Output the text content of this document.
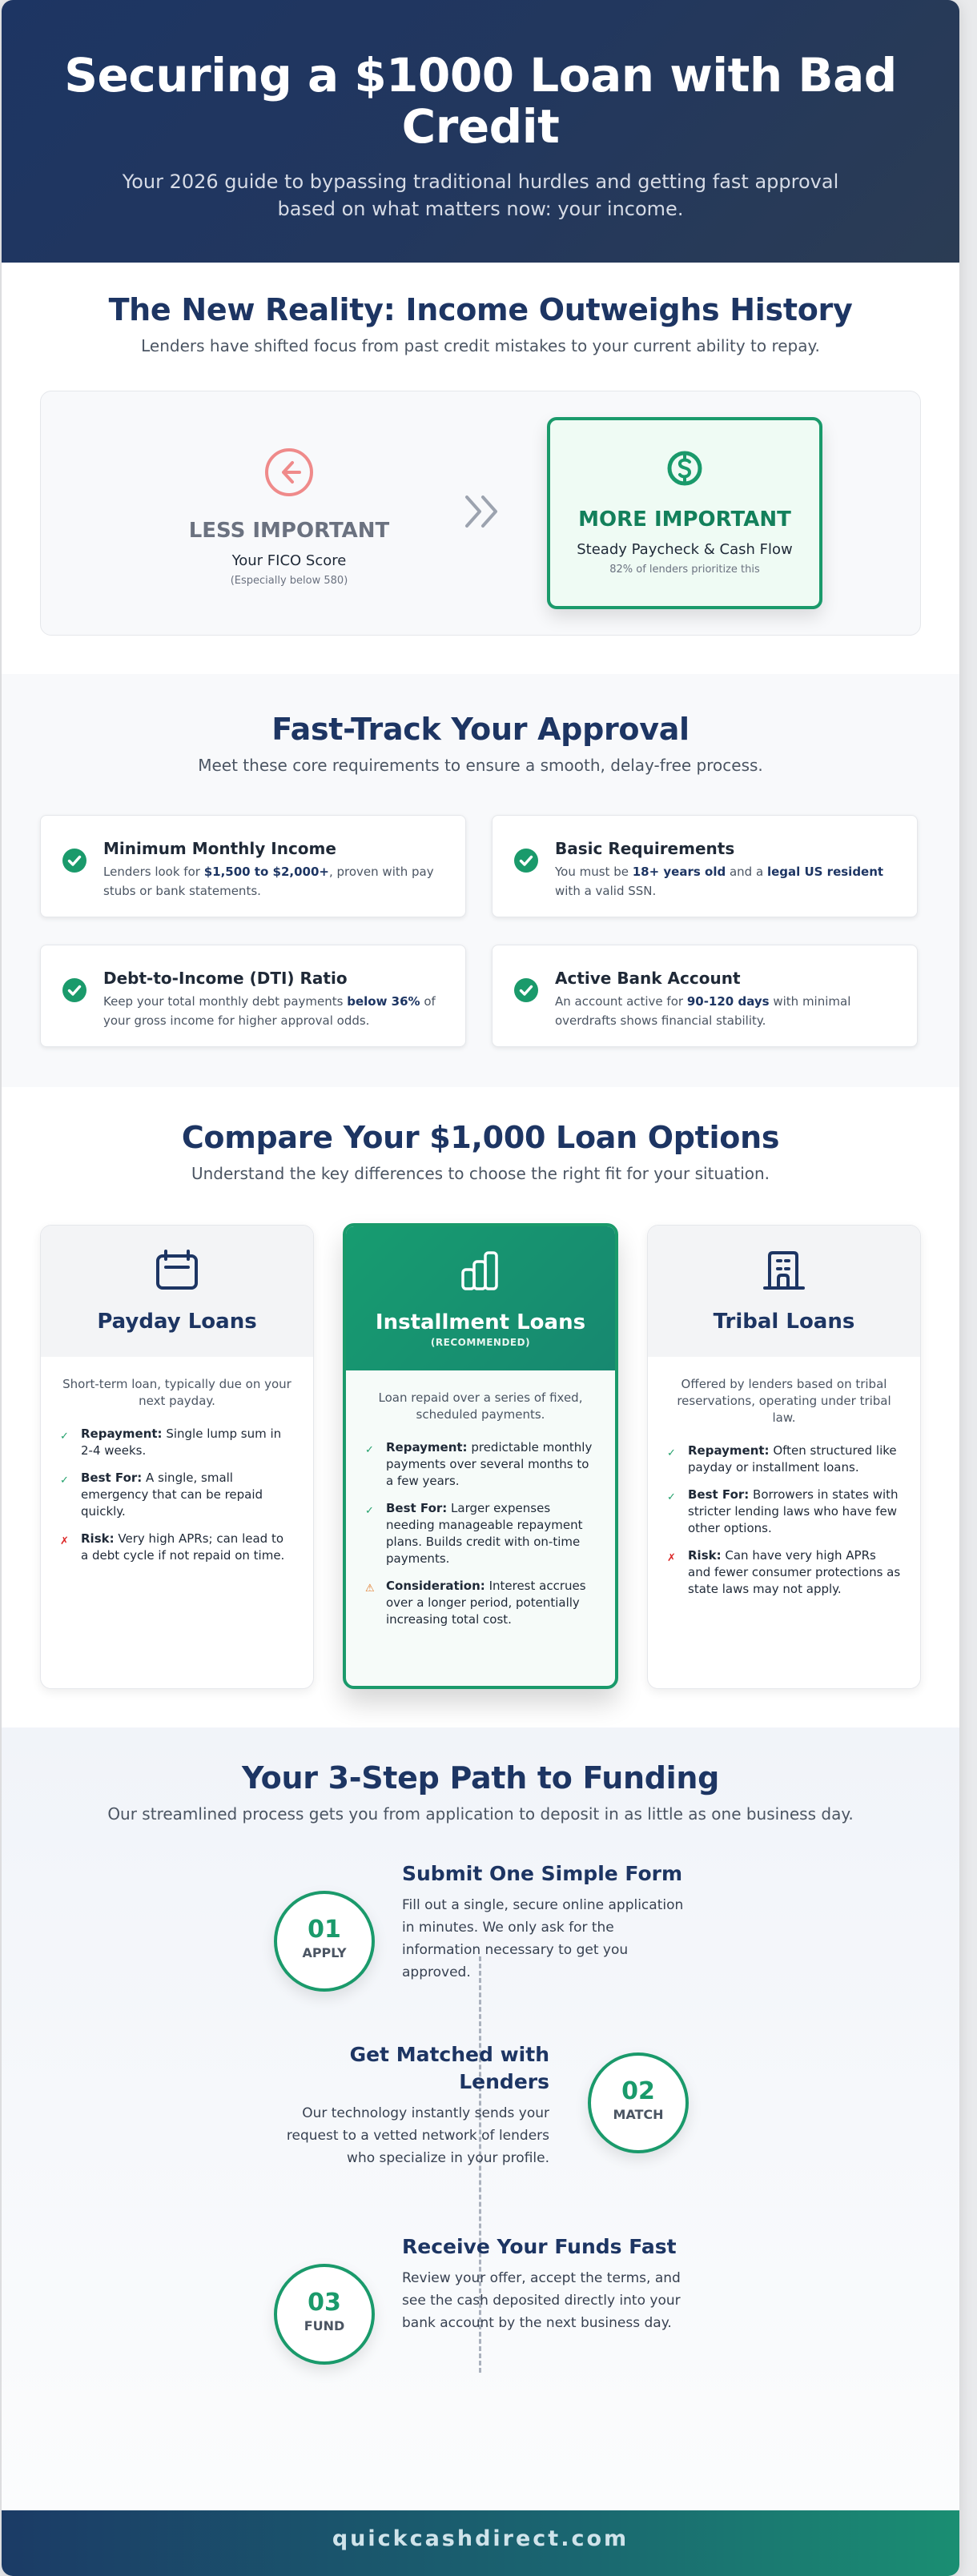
Securing a $1000 Loan with Bad Credit

Your 2026 guide to bypassing traditional hurdles and getting fast approval based on what matters now: your income.

The New Reality: Income Outweighs History

Lenders have shifted focus from past credit mistakes to your current ability to repay.

LESS IMPORTANT
Your FICO Score
(Especially below 580)
MORE IMPORTANT
Steady Paycheck & Cash Flow
82% of lenders prioritize this
Fast-Track Your Approval

Meet these core requirements to ensure a smooth, delay-free process.

Minimum Monthly Income

Lenders look for $1,500 to $2,000+, proven with pay stubs or bank statements.

Basic Requirements

You must be 18+ years old and a legal US resident with a valid SSN.

Debt-to-Income (DTI) Ratio

Keep your total monthly debt payments below 36% of your gross income for higher approval odds.

Active Bank Account

An account active for 90-120 days with minimal overdrafts shows financial stability.

Compare Your $1,000 Loan Options

Understand the key differences to choose the right fit for your situation.

Payday Loans

Short-term loan, typically due on your next payday.

✓	Repayment: Single lump sum in 2-4 weeks.
✓	Best For: A single, small emergency that can be repaid quickly.
✗	Risk: Very high APRs; can lead to a debt cycle if not repaid on time.
Installment Loans
(RECOMMENDED)

Loan repaid over a series of fixed, scheduled payments.

✓	Repayment: predictable monthly payments over several months to a few years.
✓	Best For: Larger expenses needing manageable repayment plans. Builds credit with on-time payments.
⚠ Consideration: Interest accrues over a longer period, potentially increasing total cost.
Tribal Loans

Offered by lenders based on tribal reservations, operating under tribal law.

✓	Repayment: Often structured like payday or installment loans.
✓	Best For: Borrowers in states with stricter lending laws who have few other options.
✗	Risk: Can have very high APRs and fewer consumer protections as state laws may not apply.
Your 3-Step Path to Funding

Our streamlined process gets you from application to deposit in as little as one business day.

01
APPLY
Submit One Simple Form

Fill out a single, secure online application in minutes. We only ask for the information necessary to get you approved.

Get Matched with Lenders

Our technology instantly sends your request to a vetted network of lenders who specialize in your profile.

02
MATCH
03
FUND
Receive Your Funds Fast

Review your offer, accept the terms, and see the cash deposited directly into your bank account by the next business day.

quickcashdirect.com
